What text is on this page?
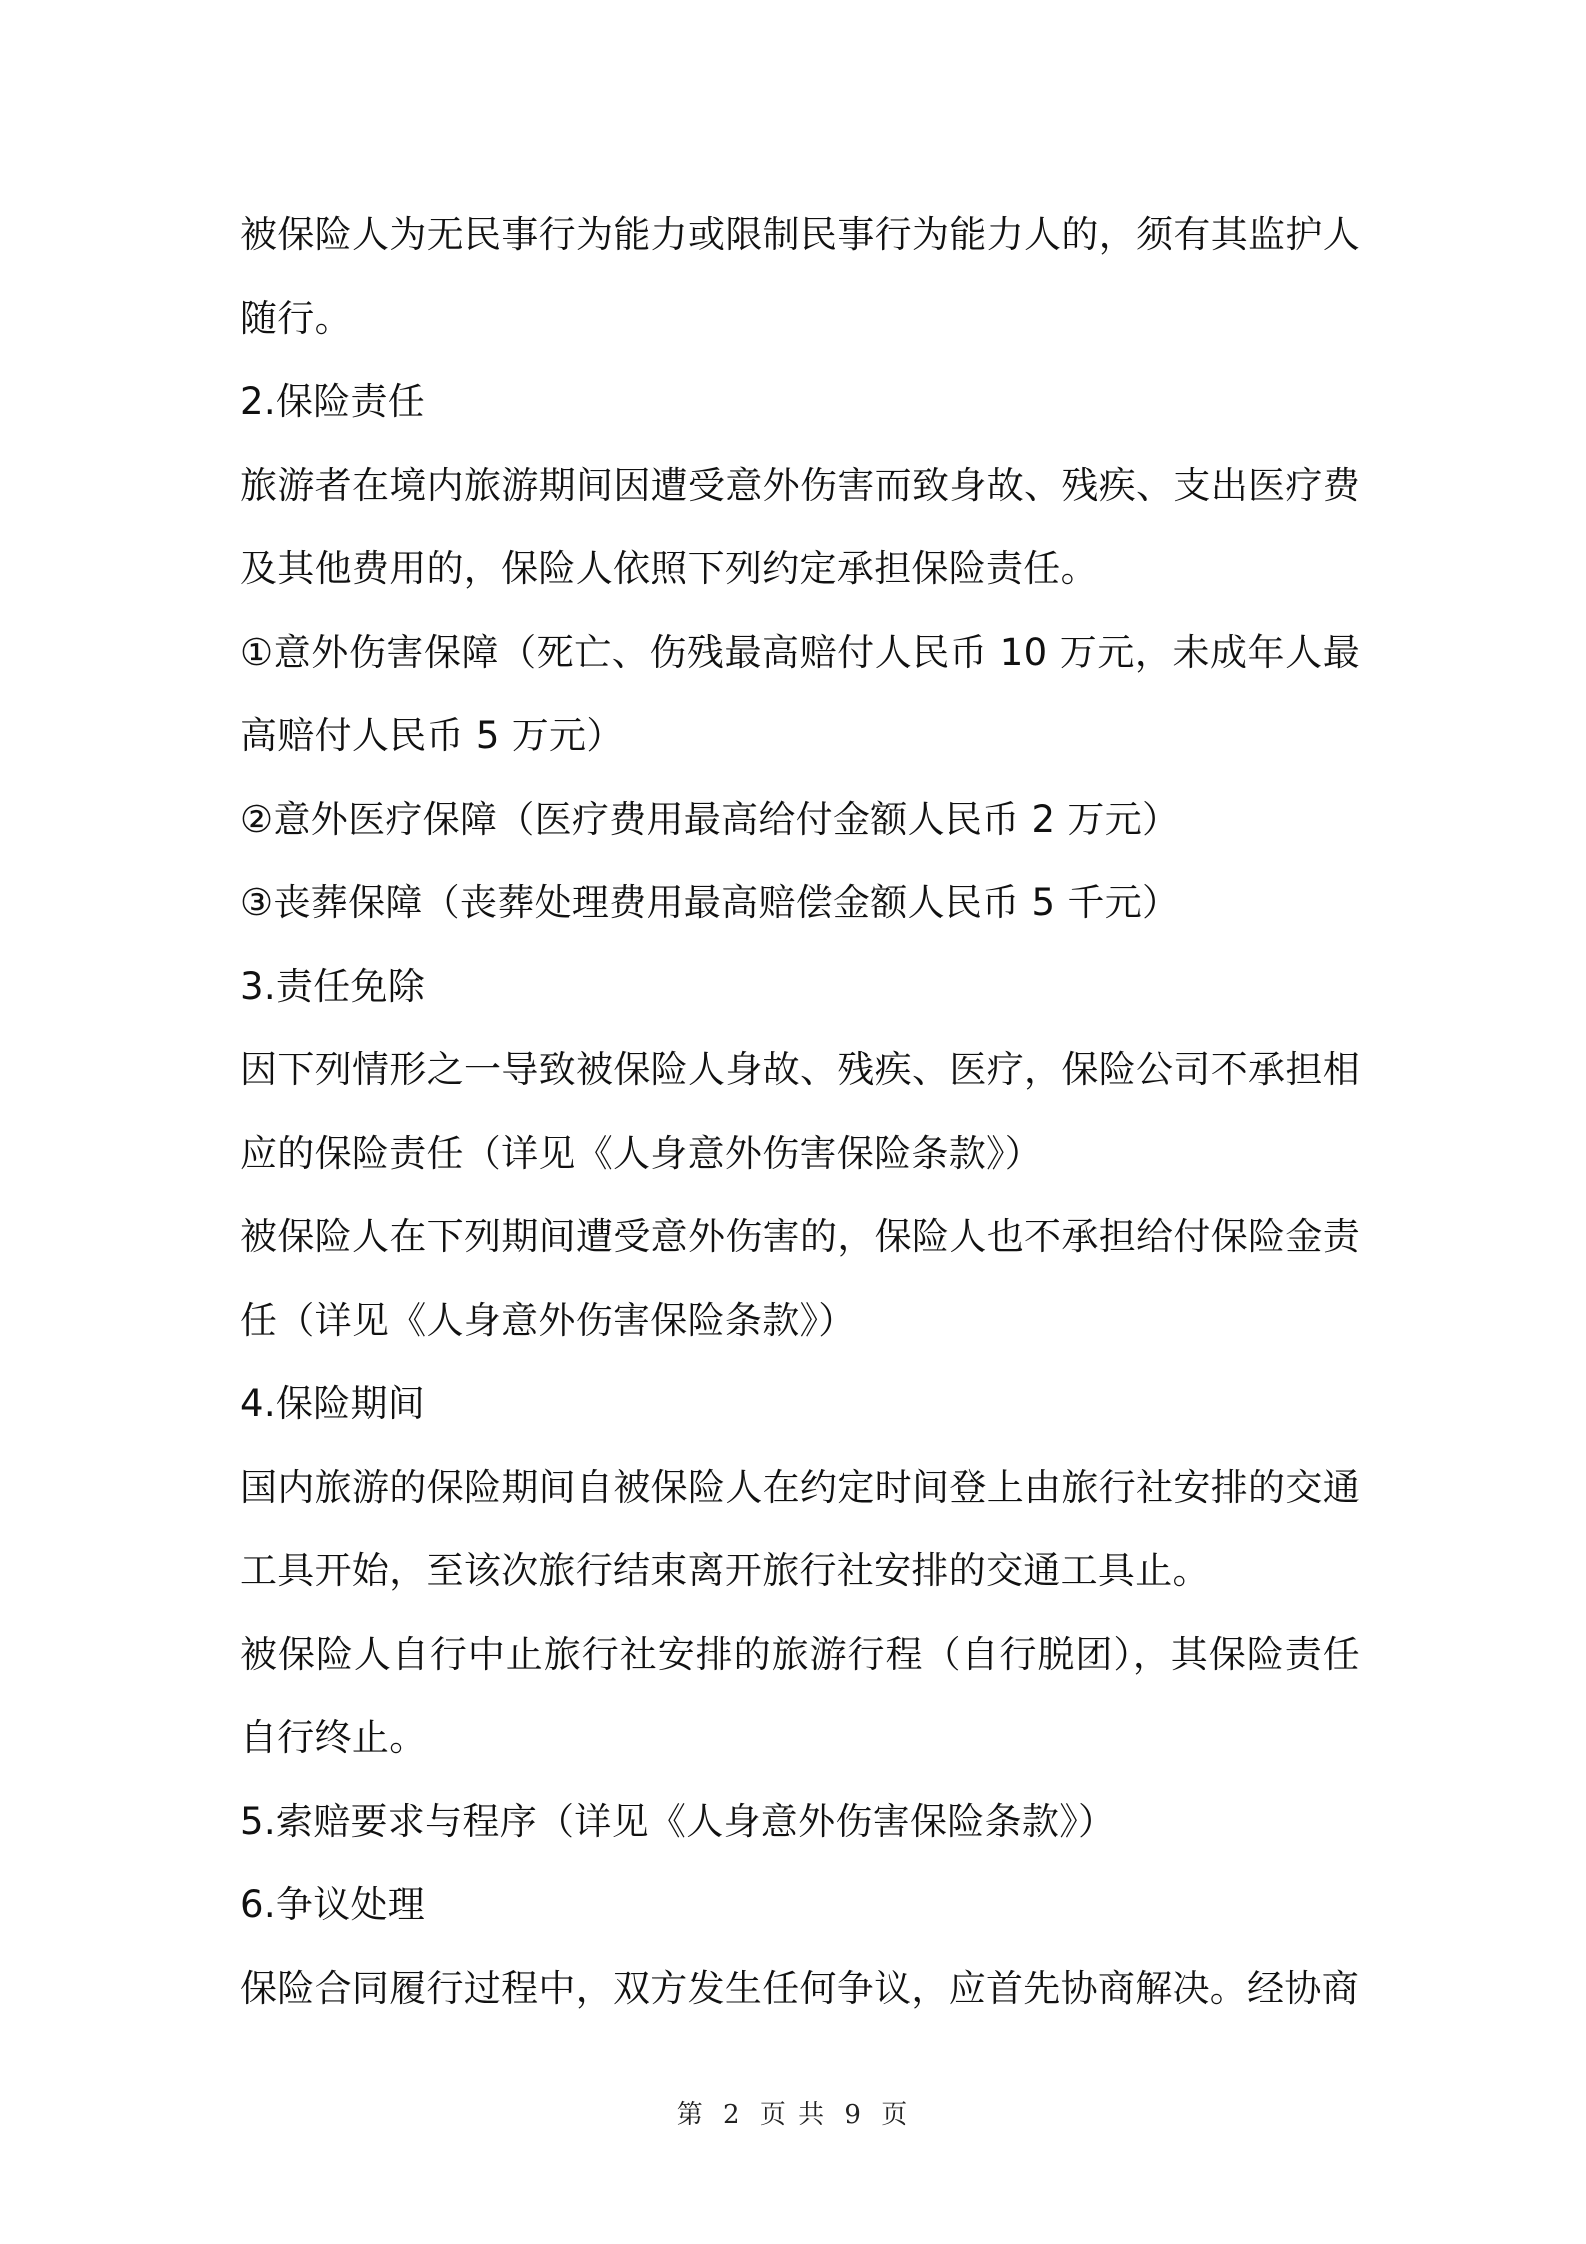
被保险人为无民事行为能力或限制民事行为能力人的，须有其监护人随行。

2.保险责任

旅游者在境内旅游期间因遭受意外伤害而致身故、残疾、支出医疗费及其他费用的，保险人依照下列约定承担保险责任。

①意外伤害保障（死亡、伤残最高赔付人民币 10 万元，未成年人最高赔付人民币 5 万元）

②意外医疗保障（医疗费用最高给付金额人民币 2 万元）

③丧葬保障（丧葬处理费用最高赔偿金额人民币 5 千元）

3.责任免除

因下列情形之一导致被保险人身故、残疾、医疗，保险公司不承担相应的保险责任（详见《人身意外伤害保险条款》）

被保险人在下列期间遭受意外伤害的，保险人也不承担给付保险金责任（详见《人身意外伤害保险条款》）

4.保险期间

国内旅游的保险期间自被保险人在约定时间登上由旅行社安排的交通工具开始，至该次旅行结束离开旅行社安排的交通工具止。

被保险人自行中止旅行社安排的旅游行程（自行脱团），其保险责任自行终止。

5.索赔要求与程序（详见《人身意外伤害保险条款》）

6.争议处理

保险合同履行过程中，双方发生任何争议，应首先协商解决。经协商

第 2 页 共 9 页
